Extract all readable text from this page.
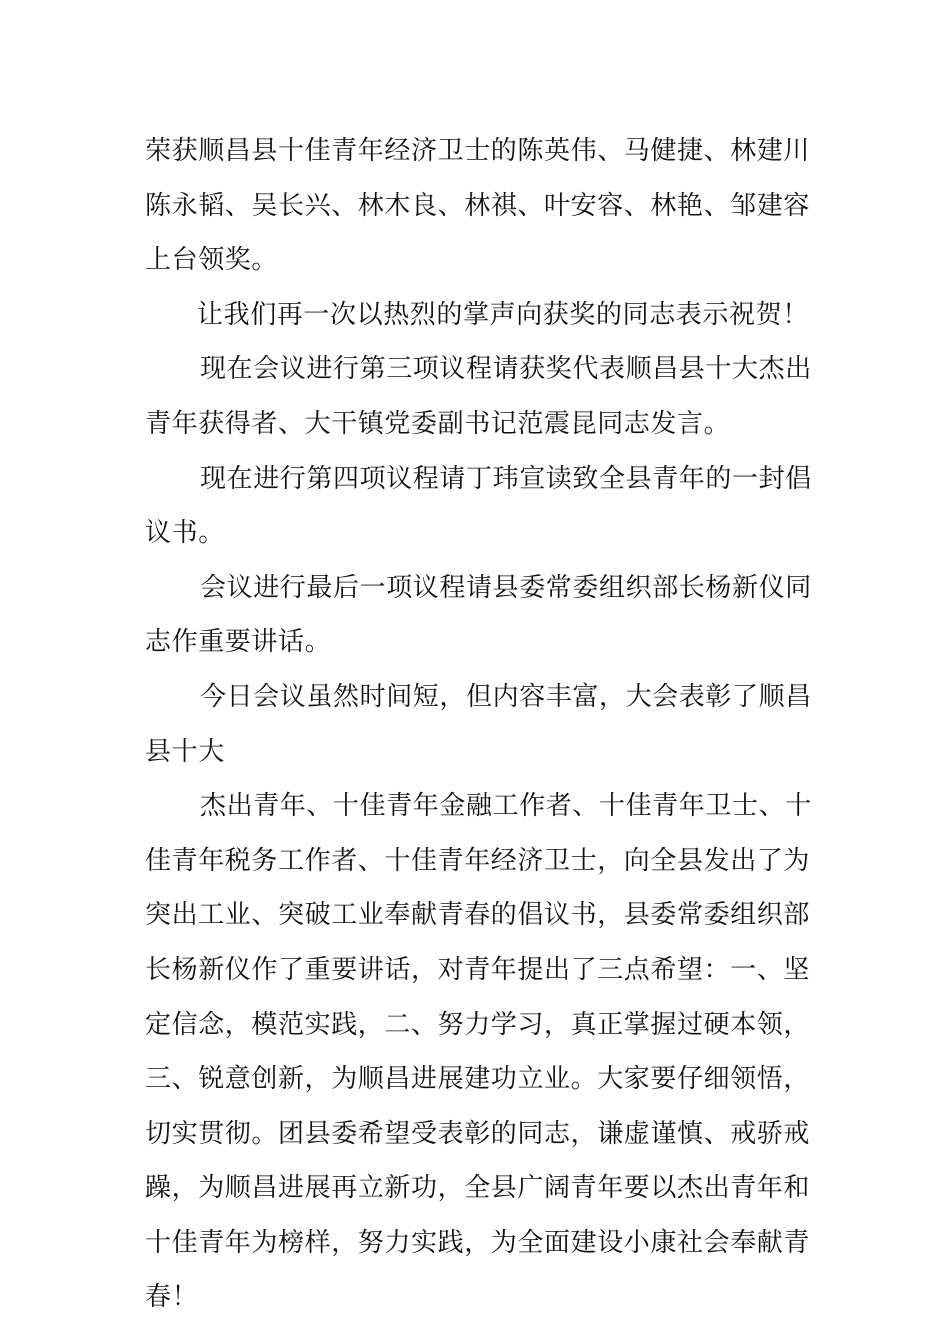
荣获顺昌县十佳青年经济卫士的陈英伟、马健捷、林建川
陈永韬、吴长兴、林木良、林祺、叶安容、林艳、邹建容
上台领奖。
让我们再一次以热烈的掌声向获奖的同志表示祝贺！
现在会议进行第三项议程请获奖代表顺昌县十大杰出
青年获得者、大干镇党委副书记范震昆同志发言。
现在进行第四项议程请丁玮宣读致全县青年的一封倡
议书。
会议进行最后一项议程请县委常委组织部长杨新仪同
志作重要讲话。
今日会议虽然时间短，但内容丰富，大会表彰了顺昌
县十大
杰出青年、十佳青年金融工作者、十佳青年卫士、十
佳青年税务工作者、十佳青年经济卫士，向全县发出了为
突出工业、突破工业奉献青春的倡议书，县委常委组织部
长杨新仪作了重要讲话，对青年提出了三点希望：一、坚
定信念，模范实践，二、努力学习，真正掌握过硬本领，
三、锐意创新，为顺昌进展建功立业。大家要仔细领悟，
切实贯彻。团县委希望受表彰的同志，谦虚谨慎、戒骄戒
躁，为顺昌进展再立新功，全县广阔青年要以杰出青年和
十佳青年为榜样，努力实践，为全面建设小康社会奉献青
春！
